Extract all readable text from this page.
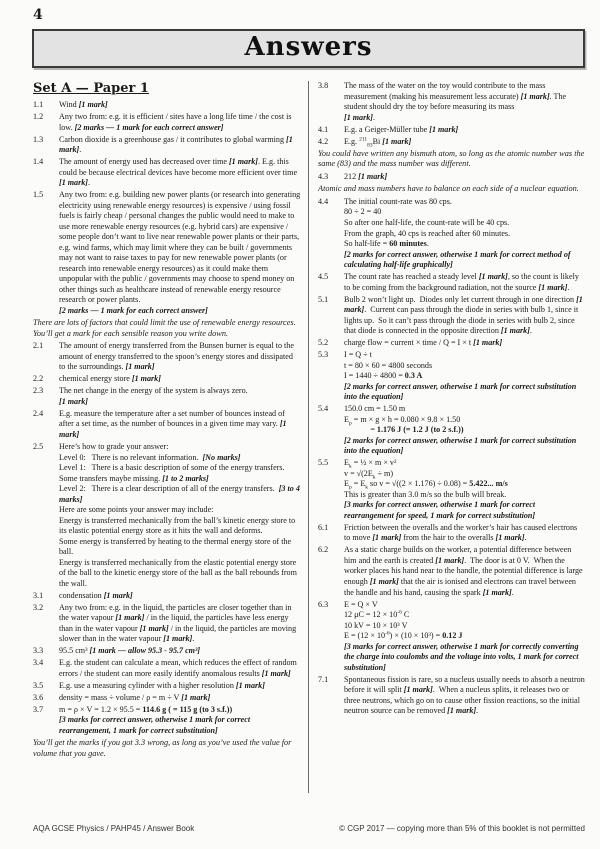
4
Answers
Set A — Paper 1
1.1	Wind [1 mark]
1.2	Any two from: e.g. it is efficient / sites have a long life time / the cost is low. [2 marks — 1 mark for each correct answer]
1.3	Carbon dioxide is a greenhouse gas / it contributes to global warming [1 mark].
1.4	The amount of energy used has decreased over time [1 mark]. E.g. this could be because electrical devices have become more efficient over time [1 mark].
1.5	Any two from: e.g. building new power plants (or research into generating electricity using renewable energy resources) is expensive / using fossil fuels is fairly cheap / personal changes the public would need to make to use more renewable energy resources (e.g. hybrid cars) are expensive / some people don’t want to live near renewable power plants or their parts, e.g. wind farms, which may limit where they can be built / governments may not want to raise taxes to pay for new renewable power plants (or research into renewable energy resources) as it could make them unpopular with the public / governments may choose to spend money on other things such as healthcare instead of renewable energy resource research or power plants.
[2 marks — 1 mark for each correct answer]
There are lots of factors that could limit the use of renewable energy resources.  You’ll get a mark for each sensible reason you write down.
2.1	The amount of energy transferred from the Bunsen burner is equal to the amount of energy transferred to the spoon’s energy stores and dissipated to the surroundings. [1 mark]
2.2	chemical energy store [1 mark]
2.3	The net change in the energy of the system is always zero.
[1 mark]
2.4	E.g. measure the temperature after a set number of bounces instead of after a set time, as the number of bounces in a given time may vary. [1 mark]
2.5	Here’s how to grade your answer:
Level 0:   There is no relevant information.  [No marks]
Level 1:   There is a basic description of some of the energy transfers.  Some transfers maybe missing. [1 to 2 marks]
Level 2:   There is a clear description of all of the energy transfers.  [3 to 4 marks]
Here are some points your answer may include:
Energy is transferred mechanically from the ball’s kinetic energy store to its elastic potential energy store as it hits the wall and deforms.
Some energy is transferred by heating to the thermal energy store of the ball.
Energy is transferred mechanically from the elastic potential energy store of the ball to the kinetic energy store of the ball as the ball rebounds from the wall.
3.1	condensation [1 mark]
3.2	Any two from: e.g. in the liquid, the particles are closer together than in the water vapour [1 mark] / in the liquid, the particles have less energy than in the water vapour [1 mark] / in the liquid, the particles are moving slower than in the water vapour [1 mark].
3.3	95.5 cm³ [1 mark — allow 95.3 - 95.7 cm³]
3.4	E.g. the student can calculate a mean, which reduces the effect of random errors / the student can more easily identify anomalous results [1 mark]
3.5	E.g. use a measuring cylinder with a higher resolution [1 mark]
3.6	density = mass ÷ volume / ρ = m ÷ V [1 mark]
3.7	m = ρ × V = 1.2 × 95.5 = 114.6 g ( = 115 g (to 3 s.f.))
[3 marks for correct answer, otherwise 1 mark for correct rearrangement, 1 mark for correct substitution]
You’ll get the marks if you got 3.3 wrong, as long as you’ve used the value for volume that you gave.
3.8	The mass of the water on the toy would contribute to the mass measurement (making his measurement less accurate) [1 mark]. The student should dry the toy before measuring its mass
[1 mark].
4.1	E.g. a Geiger-Müller tube [1 mark]
4.2	E.g. $^{211}_{83}$Bi [1 mark]
You could have written any bismuth atom, so long as the atomic number was the same (83) and the mass number was different.
4.3	212 [1 mark]
Atomic and mass numbers have to balance on each side of a nuclear equation.
4.4	The initial count-rate was 80 cps.
80 ÷ 2 = 40
So after one half-life, the count-rate will be 40 cps.
From the graph, 40 cps is reached after 60 minutes.
So half-life = 60 minutes.
[2 marks for correct answer, otherwise 1 mark for correct method of calculating half-life graphically]
4.5	The count rate has reached a steady level [1 mark], so the count is likely to be coming from the background radiation, not the source [1 mark].
5.1	Bulb 2 won’t light up.  Diodes only let current through in one direction [1 mark].  Current can pass through the diode in series with bulb 1, since it lights up.  So it can’t pass through the diode in series with bulb 2, since that diode is connected in the opposite direction [1 mark].
5.2	charge flow = current × time / Q = I × t [1 mark]
5.3	I = Q ÷ t
t = 80 × 60 = 4800 seconds
I = 1440 ÷ 4800 = 0.3 A
[2 marks for correct answer, otherwise 1 mark for correct substitution into the equation]
5.4	150.0 cm = 1.50 m
$E_p = m \times g \times h = 0.080 \times 9.8 \times 1.50$
= 1.176 J (= 1.2 J (to 2 s.f.))
[2 marks for correct answer, otherwise 1 mark for correct substitution into the equation]
5.5	$E_k$ = ½ × m × v²
$v = √(2E_k \div m)$
$E_p = E_k$ so v = √((2 × 1.176) ÷ 0.08) = 5.422... m/s
This is greater than 3.0 m/s so the bulb will break.
[3 marks for correct answer, otherwise 1 mark for correct rearrangement for speed, 1 mark for correct substitution]
6.1	Friction between the overalls and the worker’s hair has caused electrons to move [1 mark] from the hair to the overalls [1 mark].
6.2	As a static charge builds on the worker, a potential difference between him and the earth is created [1 mark].  The door is at 0 V.  When the worker places his hand near to the handle, the potential difference is large enough [1 mark] that the air is ionised and electrons can travel between the handle and his hand, causing the spark [1 mark].
6.3	E = Q × V
12 $\mu C = 12 \times 10^{-6}$ C
10 kV = 10 × 10³ V
$E = (12 \times 10^{-6}) \times (10 \times 10^3) = 0.12$ J
[3 marks for correct answer, otherwise 1 mark for correctly converting the charge into coulombs and the voltage into volts, 1 mark for correct substitution]
7.1	Spontaneous fission is rare, so a nucleus usually needs to absorb a neutron before it will split [1 mark].  When a nucleus splits, it releases two or three neutrons, which go on to cause other fission reactions, so the initial neutron source can be removed [1 mark].
AQA GCSE Physics / PAHP45 / Answer Book	© CGP 2017 — copying more than 5% of this booklet is not permitted
